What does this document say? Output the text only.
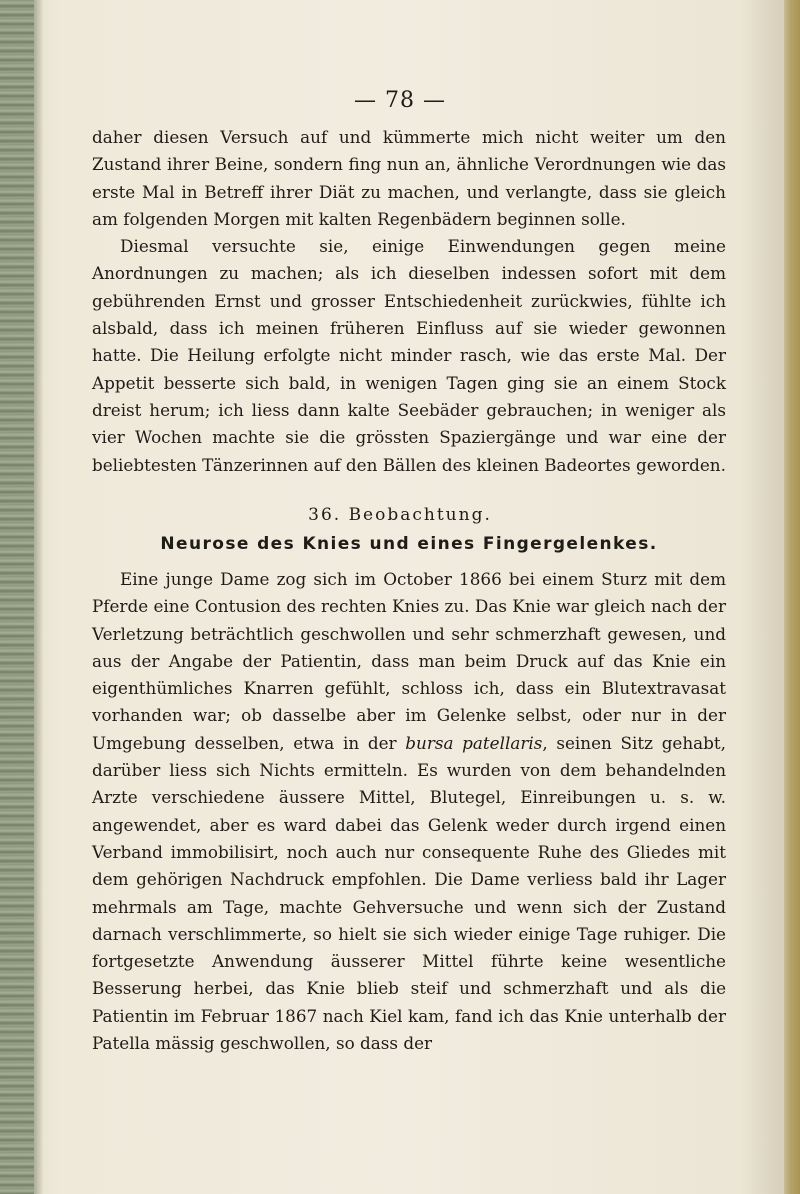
— 78 —

daher diesen Versuch auf und kümmerte mich nicht weiter um den Zustand ihrer Beine, sondern fing nun an, ähnliche Verordnungen wie das erste Mal in Betreff ihrer Diät zu machen, und verlangte, dass sie gleich am folgenden Morgen mit kalten Regenbädern beginnen solle.

Diesmal versuchte sie, einige Einwendungen gegen meine Anordnungen zu machen; als ich dieselben indessen sofort mit dem gebührenden Ernst und grosser Entschiedenheit zurückwies, fühlte ich alsbald, dass ich meinen früheren Einfluss auf sie wieder gewonnen hatte. Die Heilung erfolgte nicht minder rasch, wie das erste Mal. Der Appetit besserte sich bald, in wenigen Tagen ging sie an einem Stock dreist herum; ich liess dann kalte Seebäder gebrauchen; in weniger als vier Wochen machte sie die grössten Spaziergänge und war eine der beliebtesten Tänzerinnen auf den Bällen des kleinen Badeortes geworden.

36. Beobachtung.
Neurose des Knies und eines Fingergelenkes.

Eine junge Dame zog sich im October 1866 bei einem Sturz mit dem Pferde eine Contusion des rechten Knies zu. Das Knie war gleich nach der Verletzung beträchtlich geschwollen und sehr schmerzhaft gewesen, und aus der Angabe der Patientin, dass man beim Druck auf das Knie ein eigenthümliches Knarren gefühlt, schloss ich, dass ein Blutextravasat vorhanden war; ob dasselbe aber im Gelenke selbst, oder nur in der Umgebung desselben, etwa in der bursa patellaris, seinen Sitz gehabt, darüber liess sich Nichts ermitteln. Es wurden von dem behandelnden Arzte verschiedene äussere Mittel, Blutegel, Einreibungen u. s. w. angewendet, aber es ward dabei das Gelenk weder durch irgend einen Verband immobilisirt, noch auch nur consequente Ruhe des Gliedes mit dem gehörigen Nachdruck empfohlen. Die Dame verliess bald ihr Lager mehrmals am Tage, machte Gehversuche und wenn sich der Zustand darnach verschlimmerte, so hielt sie sich wieder einige Tage ruhiger. Die fortgesetzte Anwendung äusserer Mittel führte keine wesentliche Besserung herbei, das Knie blieb steif und schmerzhaft und als die Patientin im Februar 1867 nach Kiel kam, fand ich das Knie unterhalb der Patella mässig geschwollen, so dass der
